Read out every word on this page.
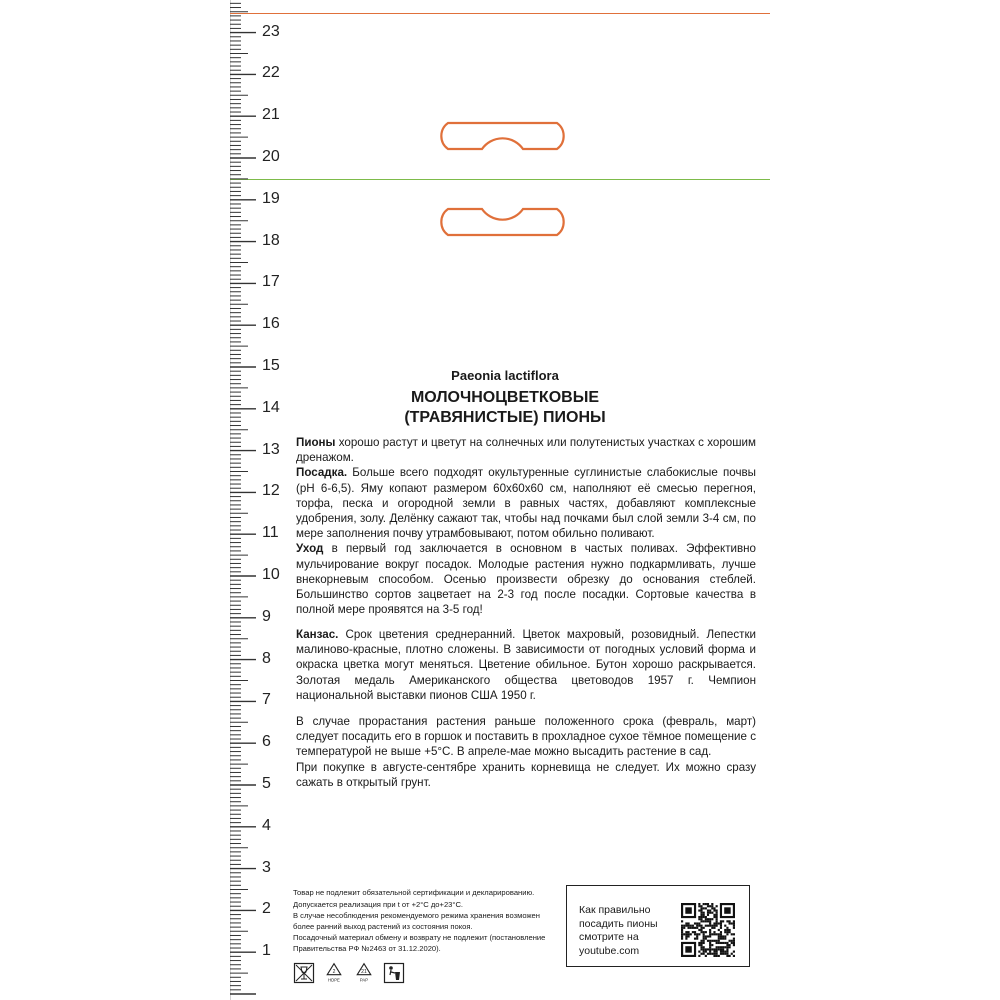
23
22
21
20
19
18
17
16
15
14
13
12
11
10
9
8
7
6
5
4
3
2
1
Paeonia lactiflora
МОЛОЧНОЦВЕТКОВЫЕ
(ТРАВЯНИСТЫЕ) ПИОНЫ

Пионы хорошо растут и цветут на солнечных или полутенистых участках с хорошим дренажом.

Посадка. Больше всего подходят окультуренные суглинистые слабокислые почвы (pH 6-6,5). Яму копают размером 60х60х60 см, наполняют её смесью перегноя, торфа, песка и огородной земли в равных частях, добавляют комплексные удобрения, золу. Делёнку сажают так, чтобы над почками был слой земли 3-4 см, по мере заполнения почву утрамбовывают, потом обильно поливают.

Уход в первый год заключается в основном в частых поливах. Эффективно мульчирование вокруг посадок. Молодые растения нужно подкармливать, лучше внекорневым способом. Осенью произвести обрезку до основания стеблей. Большинство сортов зацветает на 2-3 год после посадки. Сортовые качества в полной мере проявятся на 3-5 год!

Канзас. Срок цветения среднеранний. Цветок махровый, розовидный. Лепестки малиново-красные, плотно сложены. В зависимости от погодных условий форма и окраска цветка могут меняться. Цветение обильное. Бутон хорошо раскрывается. Золотая медаль Американского общества цветоводов 1957 г. Чемпион национальной выставки пионов США 1950 г.

В случае прорастания растения раньше положенного срока (февраль, март) следует посадить его в горшок и поставить в прохладное сухое тёмное помещение с температурой не выше +5°С. В апреле-мае можно высадить растение в сад.

При покупке в августе-сентябре хранить корневища не следует. Их можно сразу сажать в открытый грунт.

Товар не подлежит обязательной сертификации и декларированию.

Допускается реализация при t от +2°С до+23°С.

В случае несоблюдения рекомендуемого режима хранения возможен более ранний выход растений из состояния покоя.

Посадочный материал обмену и возврату не подлежит (постановление Правительства РФ №2463 от 31.12.2020).

2
HDPE
21
PAP
Как правильно посадить пионы смотрите на youtube.com
